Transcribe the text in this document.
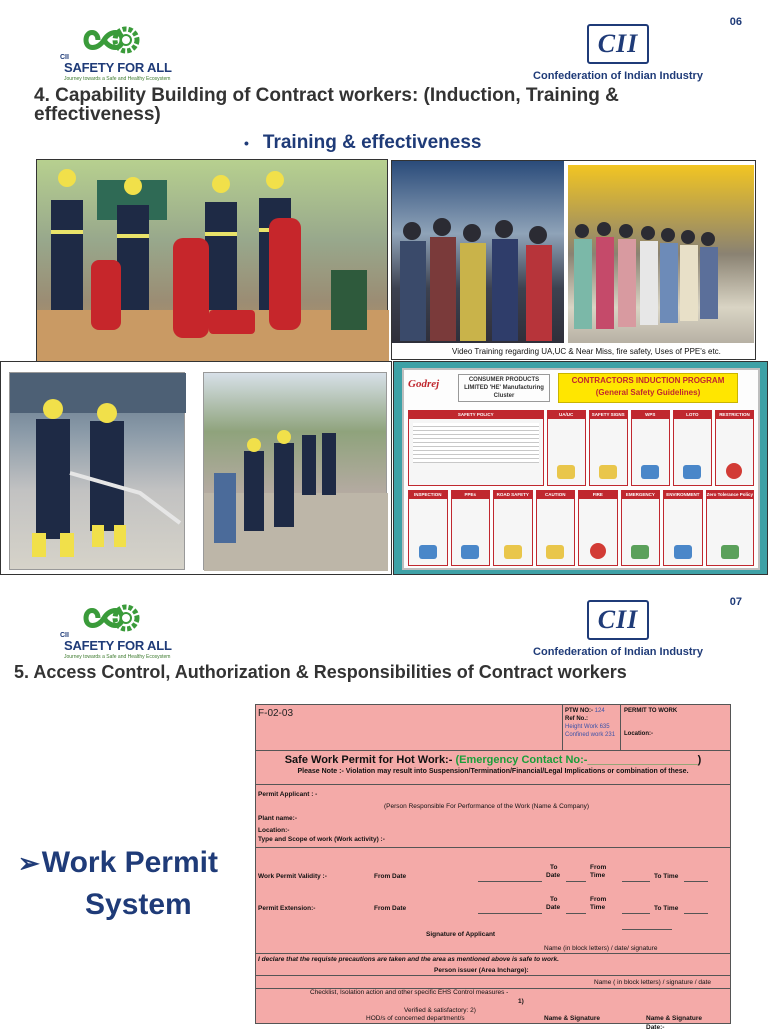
06
CII
SAFETY FOR ALL
Journey towards a Safe and Healthy Ecosystem
CII
Confederation of Indian Industry
4. Capability Building of Contract workers: (Induction, Training & effectiveness)
• Training & effectiveness
Video Training regarding UA,UC & Near Miss, fire safety, Uses of PPE's etc.
Godrej	CONSUMER PRODUCTS LIMITED 'HE' Manufacturing Cluster
CONTRACTORS INDUCTION PROGRAM
(General Safety Guidelines)
SAFETY POLICY	UA/UC	SAFETY SIGNS	WPS	LOTO	RESTRICTION
INSPECTION	PPEs	ROAD SAFETY	CAUTION	FIRE	EMERGENCY	ENVIRONMENT	Zero Tolerance Policy
07
CII
SAFETY FOR ALL
Journey towards a Safe and Healthy Ecosystem
CII
Confederation of Indian Industry
5. Access Control, Authorization & Responsibilities of Contract workers
➢Work Permit
System
F-02-03	PTW NO:- 124
Ref No.:
Height Work 635
Confined work 231
PERMIT TO WORK
Location:-
Safe Work Permit for Hot Work:- (Emergency Contact No:-__________________)
Please Note :- Violation may result into Suspension/Termination/Financial/Legal Implications or combination of these.
Permit Applicant : -
(Person Responsible For Performance of the Work (Name & Company)
Plant name:-
Location:-
Type and Scope of work (Work activity) :-
Work Permit Validity :-	From Date
To
Date
From
Time	To Time
Permit Extension:-	From Date
To
Date
From
Time	To Time
Signature of Applicant
Name (in block letters) / date/ signature
I declare that the requiste precautions are taken and the area as mentioned above is safe to work.
Person issuer (Area Incharge):
Name ( in block letters) / signature / date
Checklist, Isolation action and other specific EHS Control measures -
1)
Verified & satisfactory: 2)
HOD/s of concerned department/s	Name & Signature	Name & Signature
Date:-
